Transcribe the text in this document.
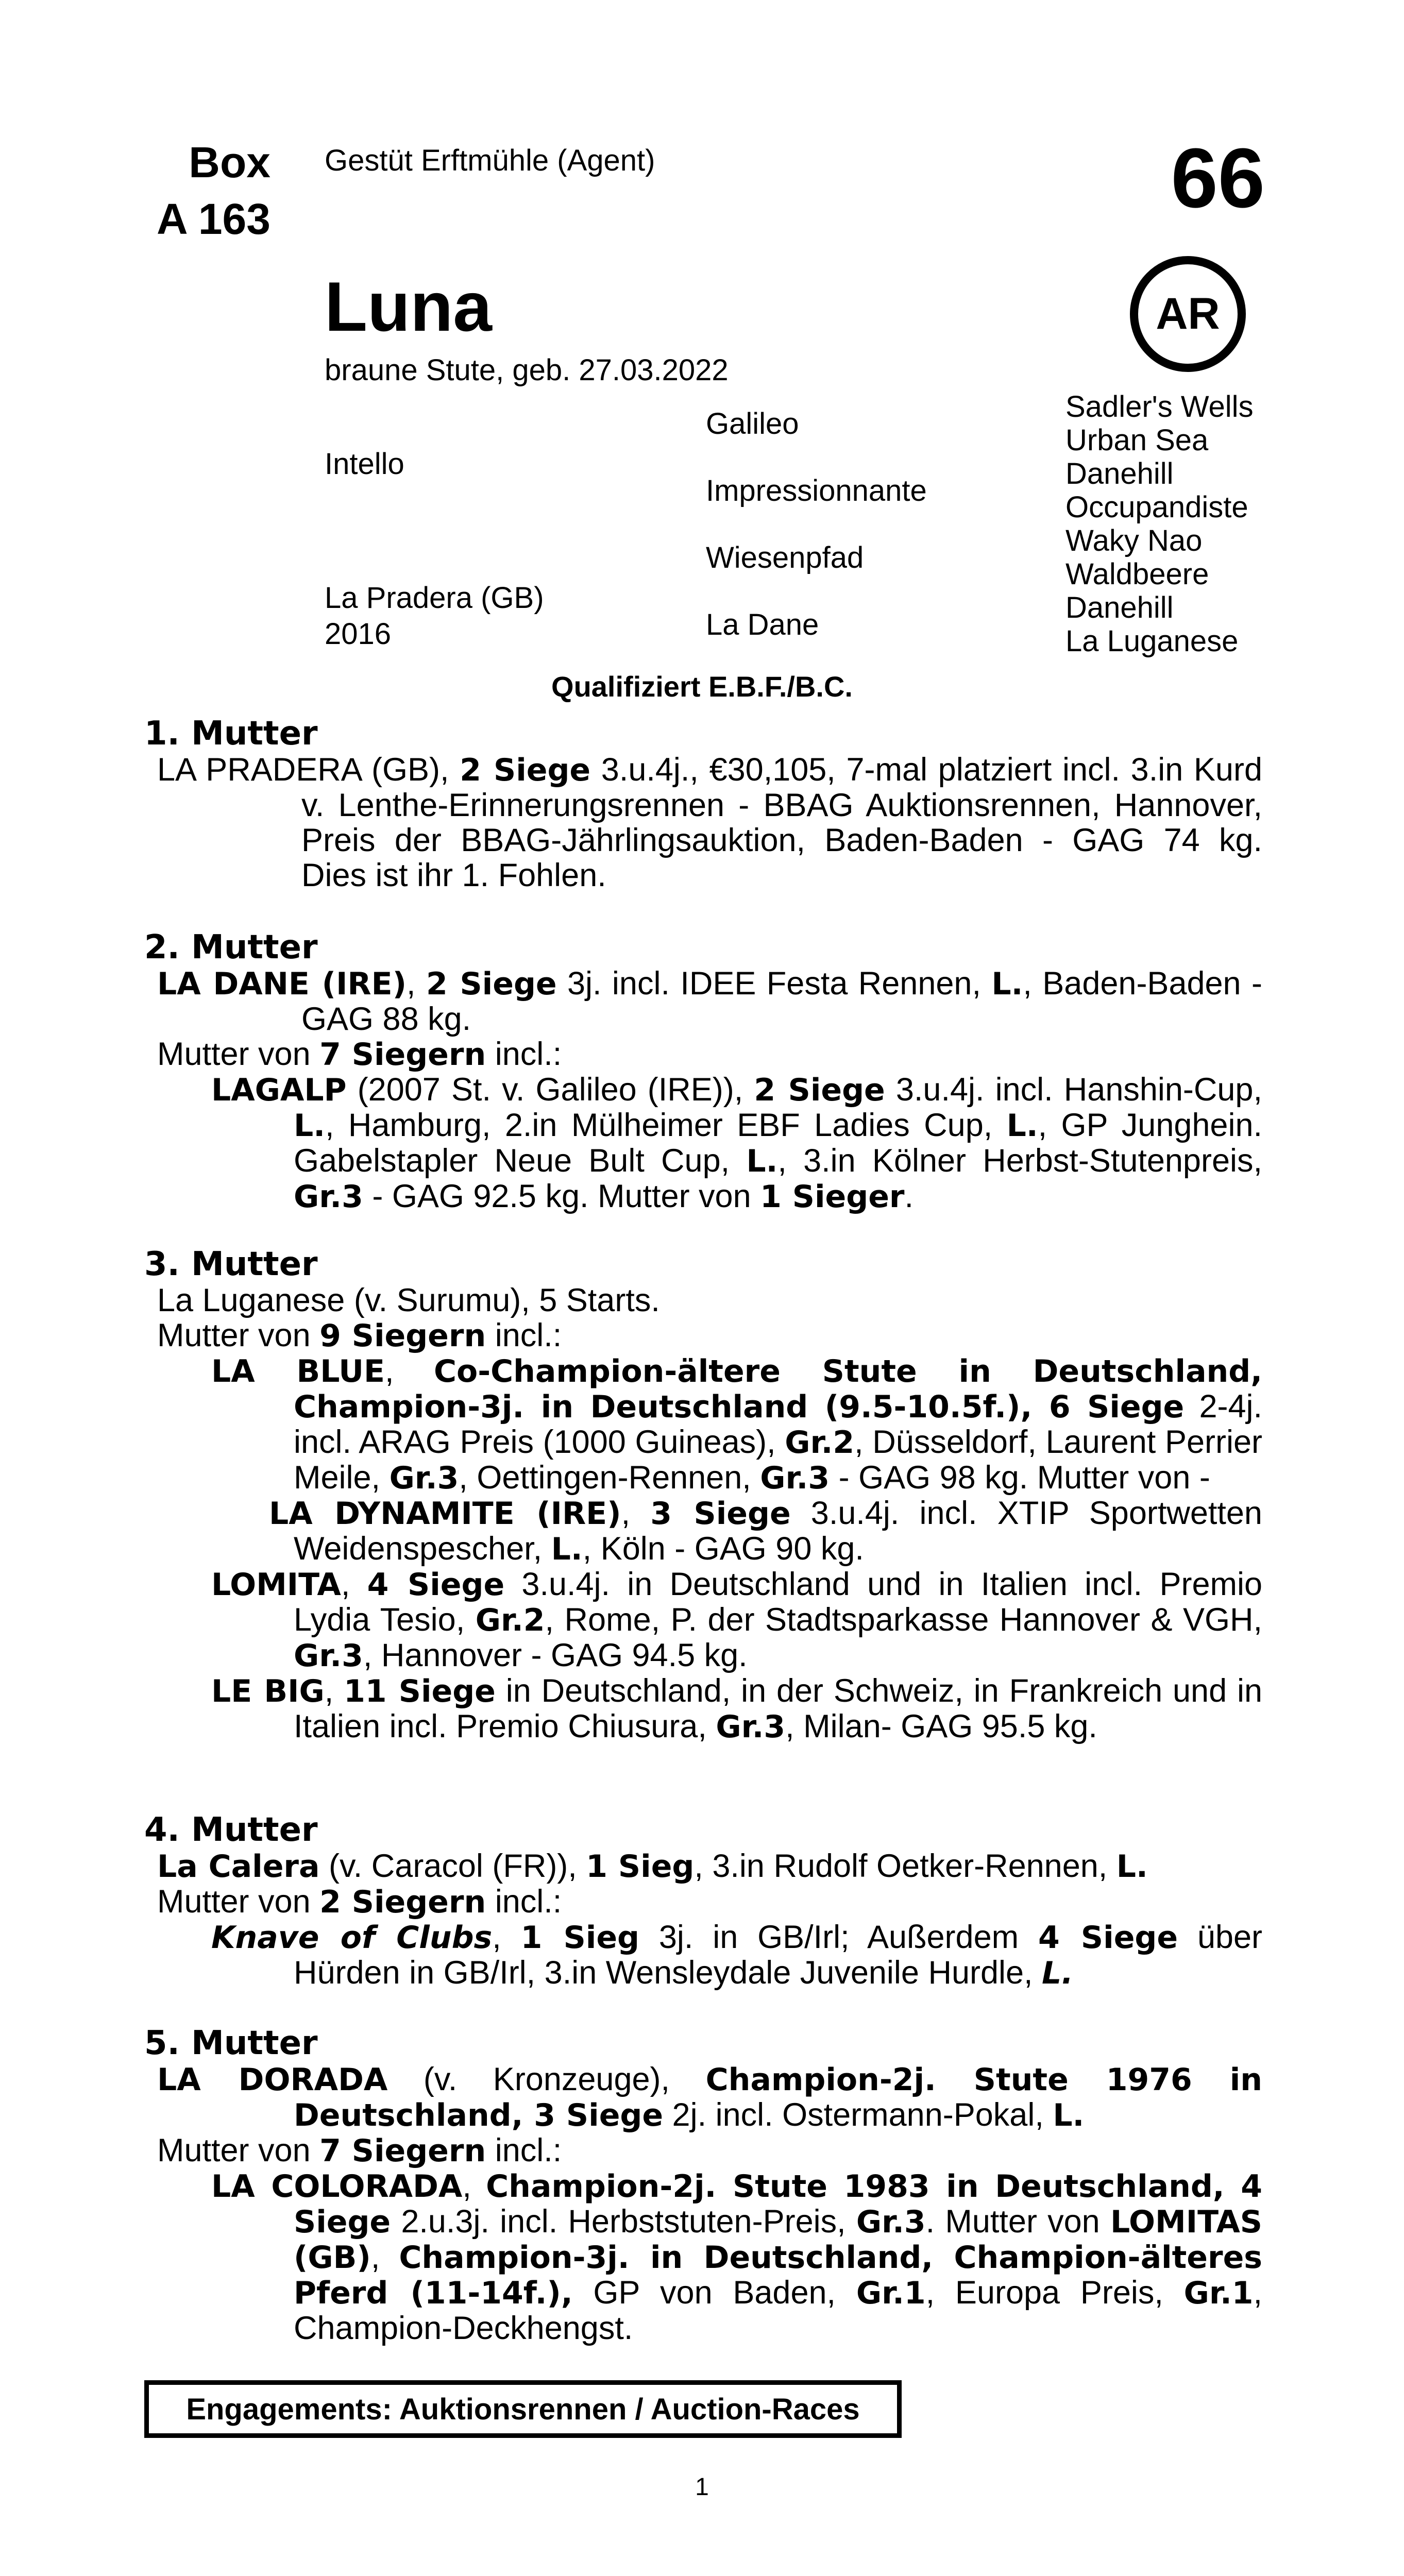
Box
A 163
Gestüt Erftmühle (Agent)	66
AR
Luna
braune Stute, geb. 27.03.2022
Intello
La Pradera (GB)
2016
Galileo
Impressionnante
Wiesenpfad
La Dane
Sadler's Wells
Urban Sea
Danehill
Occupandiste
Waky Nao
Waldbeere
Danehill
La Luganese
Qualifiziert E.B.F./B.C.
1. Mutter
LA PRADERA (GB), 2 Siege 3.u.4j., €30,105, 7-mal platziert incl. 3.in Kurd v. Lenthe-Erinnerungsrennen - BBAG Auktionsrennen, Hannover, Preis der BBAG-Jährlingsauktion, Baden-Baden - GAG 74 kg. Dies ist ihr 1. Fohlen.
2. Mutter
LA DANE (IRE), 2 Siege 3j. incl. IDEE Festa Rennen, L., Baden-Baden - GAG 88 kg.
Mutter von 7 Siegern incl.:
LAGALP (2007 St. v. Galileo (IRE)), 2 Siege 3.u.4j. incl. Hanshin-Cup, L., Hamburg, 2.in Mülheimer EBF Ladies Cup, L., GP Junghein. Gabelstapler Neue Bult Cup, L., 3.in Kölner Herbst-Stutenpreis, Gr.3 - GAG 92.5 kg. Mutter von 1 Sieger.
3. Mutter
La Luganese (v. Surumu), 5 Starts.
Mutter von 9 Siegern incl.:
LA BLUE, Co-Champion-ältere Stute in Deutschland, Champion-3j. in Deutschland (9.5-10.5f.), 6 Siege 2-4j. incl. ARAG Preis (1000 Guineas), Gr.2, Düsseldorf, Laurent Perrier Meile, Gr.3, Oettingen-Rennen, Gr.3 - GAG 98 kg. Mutter von -
LA DYNAMITE (IRE), 3 Siege 3.u.4j. incl. XTIP Sportwetten Weidenspescher, L., Köln - GAG 90 kg.
LOMITA, 4 Siege 3.u.4j. in Deutschland und in Italien incl. Premio Lydia Tesio, Gr.2, Rome, P. der Stadtsparkasse Hannover & VGH, Gr.3, Hannover - GAG 94.5 kg.
LE BIG, 11 Siege in Deutschland, in der Schweiz, in Frankreich und in Italien incl. Premio Chiusura, Gr.3, Milan- GAG 95.5 kg.
4. Mutter
La Calera (v. Caracol (FR)), 1 Sieg, 3.in Rudolf Oetker-Rennen, L.
Mutter von 2 Siegern incl.:
Knave of Clubs, 1 Sieg 3j. in GB/Irl; Außerdem 4 Siege über Hürden in GB/Irl, 3.in Wensleydale Juvenile Hurdle, L.
5. Mutter
LA DORADA (v. Kronzeuge), Champion-2j. Stute 1976 in Deutschland, 3 Siege 2j. incl. Ostermann-Pokal, L.
Mutter von 7 Siegern incl.:
LA COLORADA, Champion-2j. Stute 1983 in Deutschland, 4 Siege 2.u.3j. incl. Herbststuten-Preis, Gr.3. Mutter von LOMITAS (GB), Champion-3j. in Deutschland, Champion-älteres Pferd (11-14f.), GP von Baden, Gr.1, Europa Preis, Gr.1, Champion-Deckhengst.
Engagements: Auktionsrennen / Auction-Races
1
